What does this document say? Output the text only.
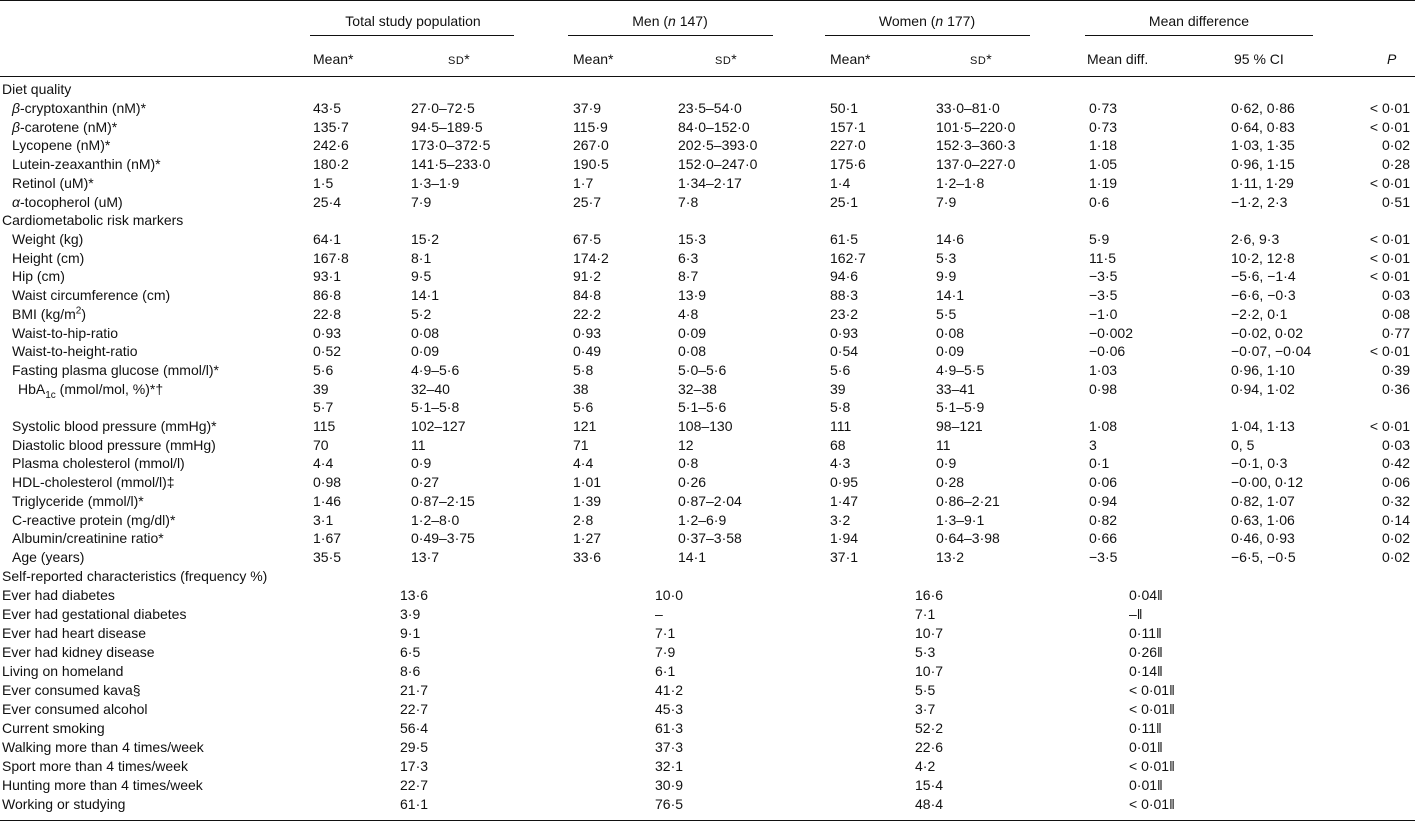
Total study population	Men (n 147)	Women (n 177)	Mean difference
Mean*	SD*	Mean*	SD*	Mean*	SD*	Mean diff.	95 % CI	P
Diet quality
Cardiometabolic risk markers
Self-reported characteristics (frequency %)
β-cryptoxanthin (nM)*	43·5	27·0–72·5	37·9	23·5–54·0	50·1	33·0–81·0	0·73	0·62, 0·86	< 0·01
β-carotene (nM)*	135·7	94·5–189·5	115·9	84·0–152·0	157·1	101·5–220·0	0·73	0·64, 0·83	< 0·01
Lycopene (nM)*	242·6	173·0–372·5	267·0	202·5–393·0	227·0	152·3–360·3	1·18	1·03, 1·35	0·02
Lutein-zeaxanthin (nM)*	180·2	141·5–233·0	190·5	152·0–247·0	175·6	137·0–227·0	1·05	0·96, 1·15	0·28
Retinol (uM)*	1·5	1·3–1·9	1·7	1·34–2·17	1·4	1·2–1·8	1·19	1·11, 1·29	< 0·01
α-tocopherol (uM)	25·4	7·9	25·7	7·8	25·1	7·9	0·6	−1·2, 2·3	0·51
Weight (kg)	64·1	15·2	67·5	15·3	61·5	14·6	5·9	2·6, 9·3	< 0·01
Height (cm)	167·8	8·1	174·2	6·3	162·7	5·3	11·5	10·2, 12·8	< 0·01
Hip (cm)	93·1	9·5	91·2	8·7	94·6	9·9	−3·5	−5·6, −1·4	< 0·01
Waist circumference (cm)	86·8	14·1	84·8	13·9	88·3	14·1	−3·5	−6·6, −0·3	0·03
BMI $(kg/m^2)$	22·8	5·2	22·2	4·8	23·2	5·5	−1·0	−2·2, 0·1	0·08
Waist-to-hip-ratio	0·93	0·08	0·93	0·09	0·93	0·08	−0·002	−0·02, 0·02	0·77
Waist-to-height-ratio	0·52	0·09	0·49	0·08	0·54	0·09	−0·06	−0·07, −0·04	< 0·01
Fasting plasma glucose (mmol/l)*	5·6	4·9–5·6	5·8	5·0–5·6	5·6	4·9–5·5	1·03	0·96, 1·10	0·39
HbA$_{1c}$ (mmol/mol, %)*†	39	32–40	38	32–38	39	33–41	0·98	0·94, 1·02	0·36
5·7	5·1–5·8	5·6	5·1–5·6	5·8	5·1–5·9
Systolic blood pressure (mmHg)*	115	102–127	121	108–130	111	98–121	1·08	1·04, 1·13	< 0·01
Diastolic blood pressure (mmHg)	70	11	71	12	68	11	3	0, 5	0·03
Plasma cholesterol (mmol/l)	4·4	0·9	4·4	0·8	4·3	0·9	0·1	−0·1, 0·3	0·42
HDL-cholesterol (mmol/l)‡	0·98	0·27	1·01	0·26	0·95	0·28	0·06	−0·00, 0·12	0·06
Triglyceride (mmol/l)*	1·46	0·87–2·15	1·39	0·87–2·04	1·47	0·86–2·21	0·94	0·82, 1·07	0·32
C-reactive protein (mg/dl)*	3·1	1·2–8·0	2·8	1·2–6·9	3·2	1·3–9·1	0·82	0·63, 1·06	0·14
Albumin/creatinine ratio*	1·67	0·49–3·75	1·27	0·37–3·58	1·94	0·64–3·98	0·66	0·46, 0·93	0·02
Age (years)	35·5	13·7	33·6	14·1	37·1	13·2	−3·5	−6·5, −0·5	0·02
Ever had diabetes	13·6	10·0	16·6	0·04‖
Ever had gestational diabetes	3·9	–	7·1	–‖
Ever had heart disease	9·1	7·1	10·7	0·11‖
Ever had kidney disease	6·5	7·9	5·3	0·26‖
Living on homeland	8·6	6·1	10·7	0·14‖
Ever consumed kava§	21·7	41·2	5·5	< 0·01‖
Ever consumed alcohol	22·7	45·3	3·7	< 0·01‖
Current smoking	56·4	61·3	52·2	0·11‖
Walking more than 4 times/week	29·5	37·3	22·6	0·01‖
Sport more than 4 times/week	17·3	32·1	4·2	< 0·01‖
Hunting more than 4 times/week	22·7	30·9	15·4	0·01‖
Working or studying	61·1	76·5	48·4	< 0·01‖
